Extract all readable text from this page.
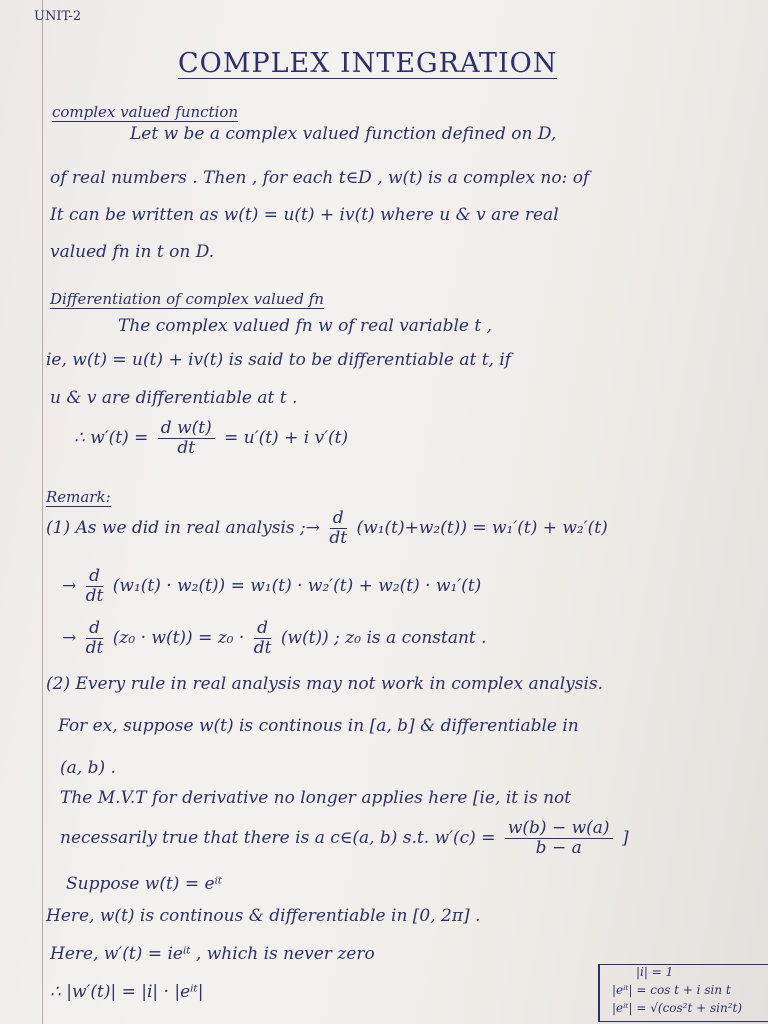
UNIT-2
COMPLEX INTEGRATION
complex valued function
Let w be a complex valued function defined on D,
of real numbers . Then , for each t∈D , w(t) is a complex no: of
It can be written as w(t) = u(t) + iv(t) where u & v are real
valued fn in t on D.
Differentiation of complex valued fn
The complex valued fn w of real variable t ,
ie, w(t) = u(t) + iv(t) is said to be differentiable at t, if
u & v are differentiable at t .
∴ $w'(t) = \frac{\text{d w(t)}}{dt} = u'(t) + i$ v′(t)
Remark:
(1) As we did in real analysis ;→ $\frac{d}{dt} (w_1(t)+w_2(t)) = w_1'(t) + w_2'(t)$
→ $\frac{d}{dt} (w_1(t) \cdot w_2(t)) = w_1(t) \cdot w_2'(t) + w_2(t) \cdot w_1'(t)$
→ $\frac{d}{dt} (z_0 \cdot w(t)) = z_0 \cdot \frac{d}{dt} (w(t))$ ; z₀ is a constant .
(2) Every rule in real analysis may not work in complex analysis.
For ex, suppose w(t) is continous in [a, b] & differentiable in
(a, b) .
The M.V.T for derivative no longer applies here [ie, it is not
necessarily true that there is a c∈(a, b) s.t. $w'(c) = \frac{w(b) - w(a)}{b - a}$ ]
Suppose w(t) = eⁱᵗ
Here, w(t) is continous & differentiable in [0, 2π] .
Here, w′(t) = ieⁱᵗ , which is never zero
∴ |w′(t)| = |i| · |eⁱᵗ|
|i| = 1
|eⁱᵗ| = cos t + i sin t
|eⁱᵗ| = √(cos²t + sin²t)
